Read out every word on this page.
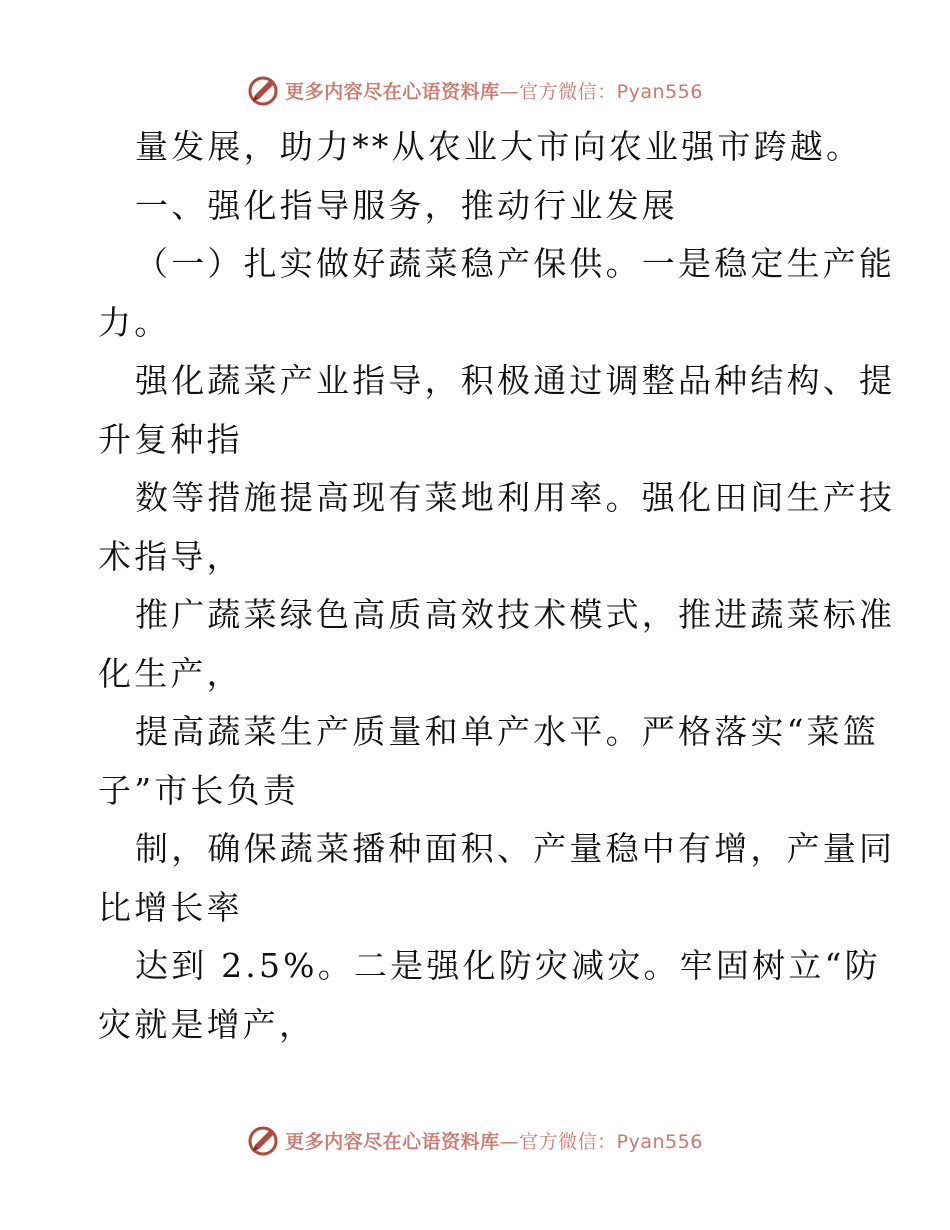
更多内容尽在心语资料库—官方微信：Pyan556
量发展，助力**从农业大市向农业强市跨越。
一、强化指导服务，推动行业发展
（一）扎实做好蔬菜稳产保供。一是稳定生产能
力。
强化蔬菜产业指导，积极通过调整品种结构、提
升复种指
数等措施提高现有菜地利用率。强化田间生产技
术指导，
推广蔬菜绿色高质高效技术模式，推进蔬菜标准
化生产，
提高蔬菜生产质量和单产水平。严格落实“菜篮
子”市长负责
制，确保蔬菜播种面积、产量稳中有增，产量同
比增长率
达到 2.5%。二是强化防灾减灾。牢固树立“防
灾就是增产，
更多内容尽在心语资料库—官方微信：Pyan556
